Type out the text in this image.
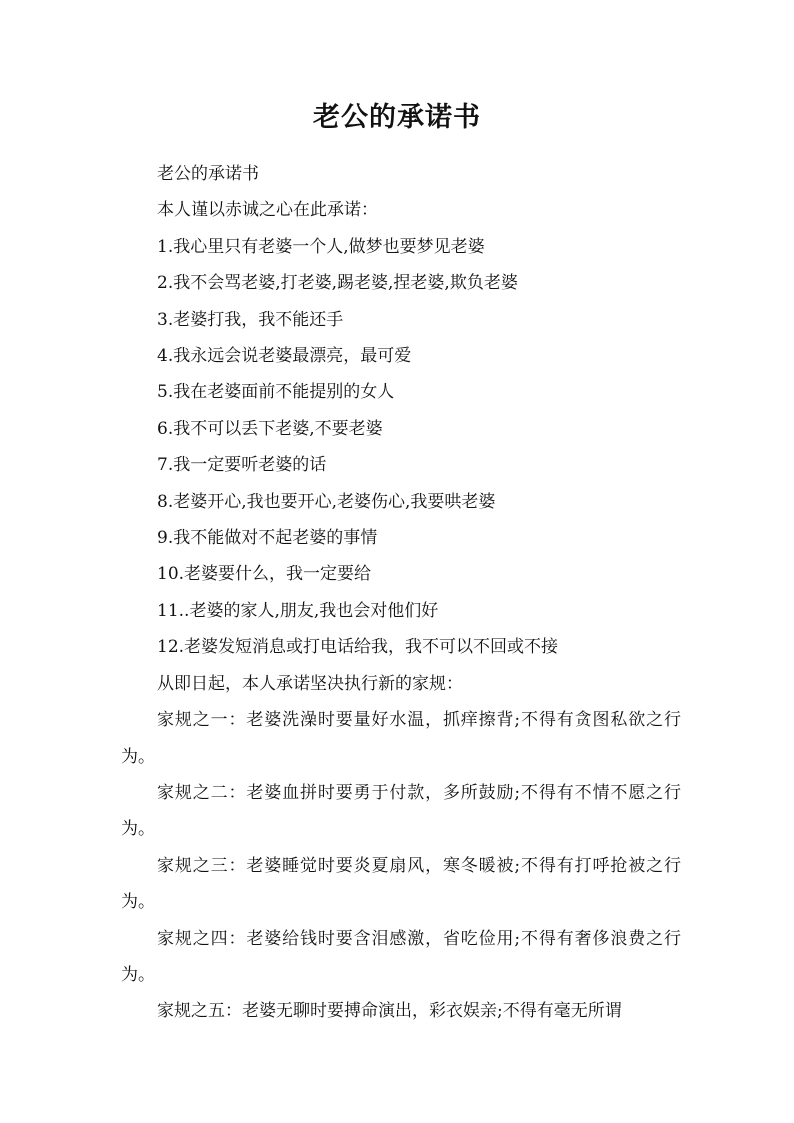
老公的承诺书

老公的承诺书

本人谨以赤诚之心在此承诺：

1.我心里只有老婆一个人,做梦也要梦见老婆

2.我不会骂老婆,打老婆,踢老婆,捏老婆,欺负老婆

3.老婆打我，我不能还手

4.我永远会说老婆最漂亮，最可爱

5.我在老婆面前不能提别的女人

6.我不可以丢下老婆,不要老婆

7.我一定要听老婆的话

8.老婆开心,我也要开心,老婆伤心,我要哄老婆

9.我不能做对不起老婆的事情

10.老婆要什么，我一定要给

11..老婆的家人,朋友,我也会对他们好

12.老婆发短消息或打电话给我，我不可以不回或不接

从即日起，本人承诺坚决执行新的家规：

家规之一：老婆洗澡时要量好水温，抓痒擦背;不得有贪图私欲之行为。

家规之二：老婆血拼时要勇于付款，多所鼓励;不得有不情不愿之行为。

家规之三：老婆睡觉时要炎夏扇风，寒冬暖被;不得有打呼抢被之行为。

家规之四：老婆给钱时要含泪感激，省吃俭用;不得有奢侈浪费之行为。

家规之五：老婆无聊时要搏命演出，彩衣娱亲;不得有毫无所谓
